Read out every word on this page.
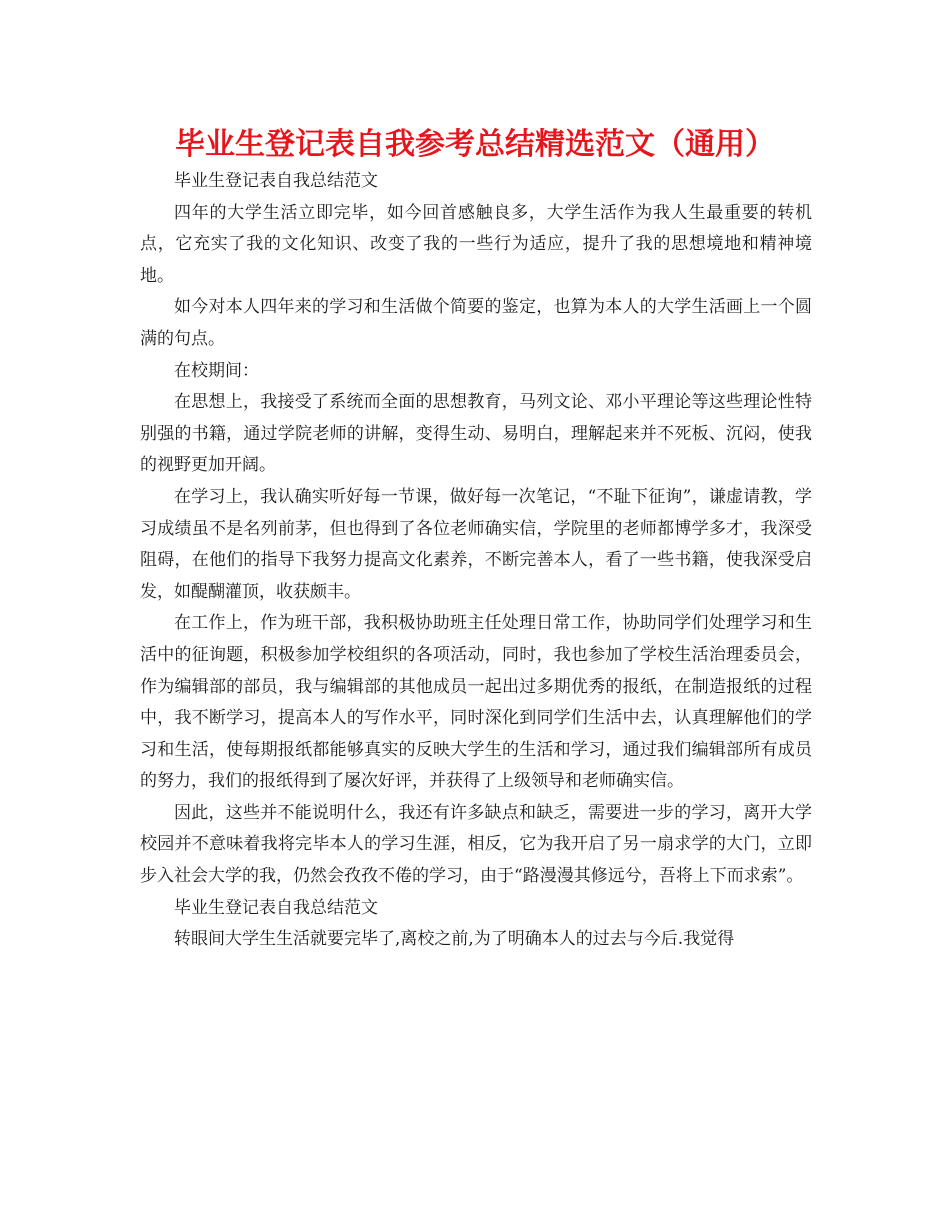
毕业生登记表自我参考总结精选范文（通用）

毕业生登记表自我总结范文

四年的大学生活立即完毕，如今回首感触良多，大学生活作为我人生最重要的转机点，它充实了我的文化知识、改变了我的一些行为适应，提升了我的思想境地和精神境地。

如今对本人四年来的学习和生活做个简要的鉴定，也算为本人的大学生活画上一个圆满的句点。

在校期间：

在思想上，我接受了系统而全面的思想教育，马列文论、邓小平理论等这些理论性特别强的书籍，通过学院老师的讲解，变得生动、易明白，理解起来并不死板、沉闷，使我的视野更加开阔。

在学习上，我认确实听好每一节课，做好每一次笔记，“不耻下征询”，谦虚请教，学习成绩虽不是名列前茅，但也得到了各位老师确实信，学院里的老师都博学多才，我深受阻碍，在他们的指导下我努力提高文化素养，不断完善本人，看了一些书籍，使我深受启发，如醍醐灌顶，收获颇丰。

在工作上，作为班干部，我积极协助班主任处理日常工作，协助同学们处理学习和生活中的征询题，积极参加学校组织的各项活动，同时，我也参加了学校生活治理委员会，作为编辑部的部员，我与编辑部的其他成员一起出过多期优秀的报纸，在制造报纸的过程中，我不断学习，提高本人的写作水平，同时深化到同学们生活中去，认真理解他们的学习和生活，使每期报纸都能够真实的反映大学生的生活和学习，通过我们编辑部所有成员的努力，我们的报纸得到了屡次好评，并获得了上级领导和老师确实信。

因此，这些并不能说明什么，我还有许多缺点和缺乏，需要进一步的学习，离开大学校园并不意味着我将完毕本人的学习生涯，相反，它为我开启了另一扇求学的大门，立即步入社会大学的我，仍然会孜孜不倦的学习，由于“路漫漫其修远兮，吾将上下而求索”。

毕业生登记表自我总结范文

转眼间大学生生活就要完毕了,离校之前,为了明确本人的过去与今后.我觉得
